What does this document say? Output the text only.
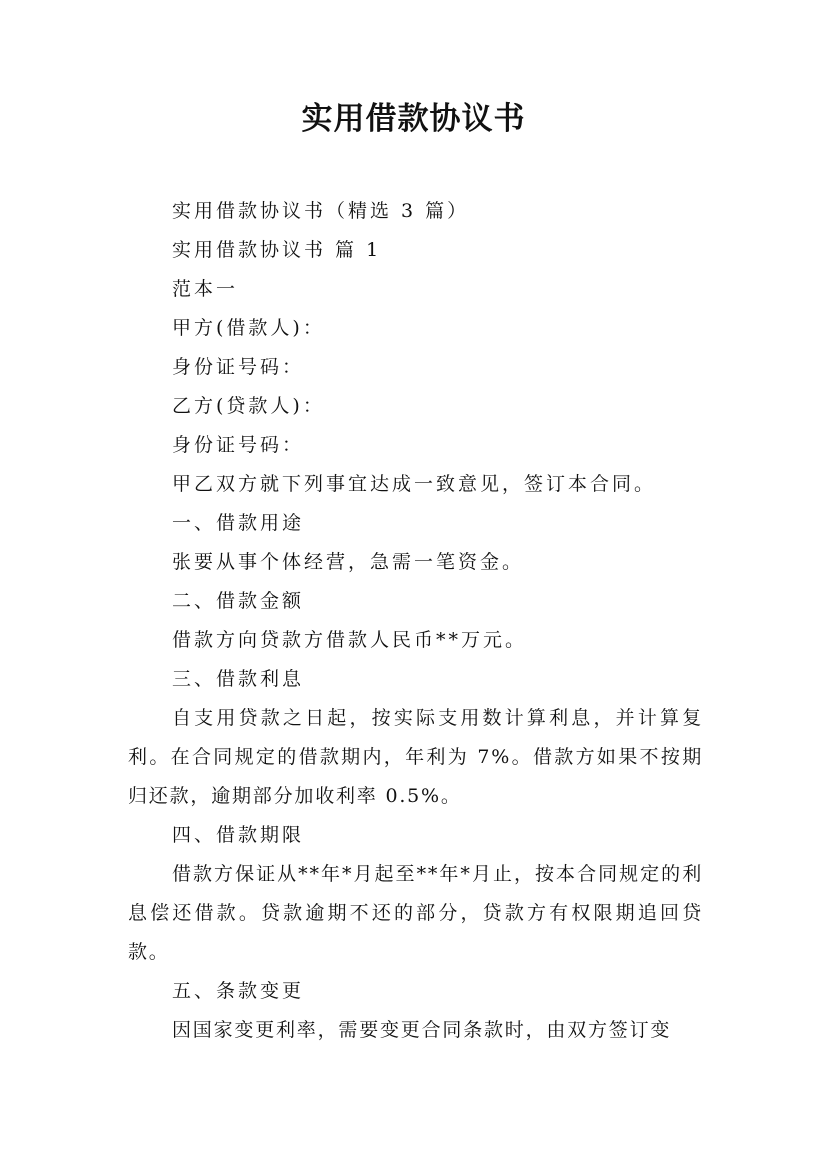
实用借款协议书
实用借款协议书（精选 3 篇）
实用借款协议书 篇 1
范本一
甲方(借款人)：
身份证号码：
乙方(贷款人)：
身份证号码：
甲乙双方就下列事宜达成一致意见，签订本合同。
一、借款用途
张要从事个体经营，急需一笔资金。
二、借款金额
借款方向贷款方借款人民币**万元。
三、借款利息
自支用贷款之日起，按实际支用数计算利息，并计算复利。在合同规定的借款期内，年利为 7%。借款方如果不按期归还款，逾期部分加收利率 0.5%。
四、借款期限
借款方保证从**年*月起至**年*月止，按本合同规定的利息偿还借款。贷款逾期不还的部分，贷款方有权限期追回贷款。
五、条款变更
因国家变更利率，需要变更合同条款时，由双方签订变
